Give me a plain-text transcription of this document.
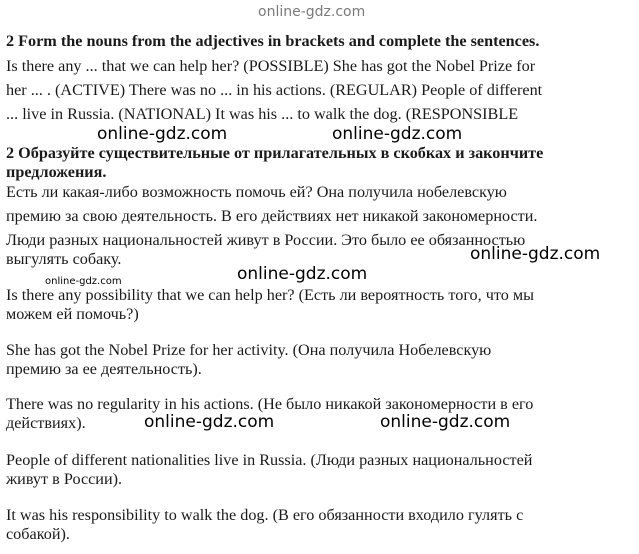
online-gdz.com

2 Form the nouns from the adjectives in brackets and complete the sentences.

Is there any ... that we can help her? (POSSIBLE) She has got the Nobel Prize for

her ... . (ACTIVE) There was no ... in his actions. (REGULAR) People of different

... live in Russia. (NATIONAL) It was his ... to walk the dog. (RESPONSIBLE

online-gdz.com	online-gdz.com

2 Образуйте существительные от прилагательных в скобках и закончите

предложения.

Есть ли какая-либо возможность помочь ей? Она получила нобелевскую

премию за свою деятельность. В его действиях нет никакой закономерности.

Люди разных национальностей живут в России. Это было ее обязанностью

выгулять собаку.	online-gdz.com

online-gdz.com

online-gdz.com

Is there any possibility that we can help her? (Есть ли вероятность того, что мы

можем ей помочь?)

She has got the Nobel Prize for her activity. (Она получила Нобелевскую

премию за ее деятельность).

There was no regularity in his actions. (Не было никакой закономерности в его

действиях).	online-gdz.com	online-gdz.com

People of different nationalities live in Russia. (Люди разных национальностей

живут в России).

It was his responsibility to walk the dog. (В его обязанности входило гулять с

собакой).
